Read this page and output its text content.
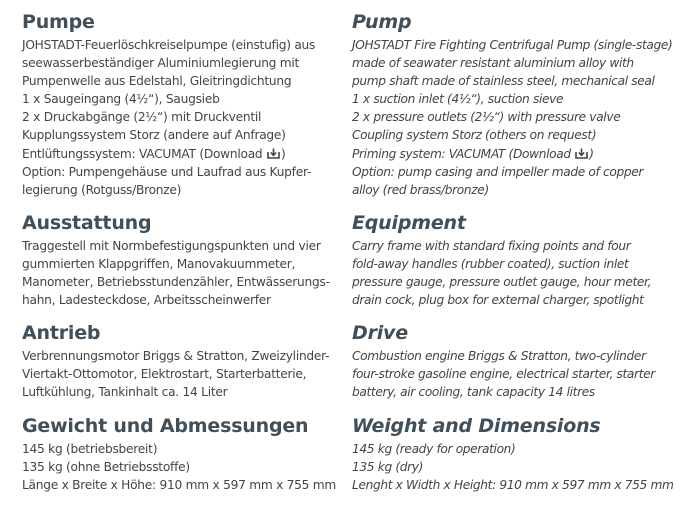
Pumpe
JOHSTADT-Feuerlöschkreiselpumpe (einstufig) aus
seewasserbeständiger Aluminiumlegierung mit
Pumpenwelle aus Edelstahl, Gleitringdichtung
1 x Saugeingang (4½“), Saugsieb
2 x Druckabgänge (2½“) mit Druckventil
Kupplungssystem Storz (andere auf Anfrage)
Entlüftungssystem: VACUMAT (Download )
Option: Pumpengehäuse und Laufrad aus Kupfer-
legierung (Rotguss/Bronze)
Ausstattung
Traggestell mit Normbefestigungspunkten und vier
gummierten Klappgriffen, Manovakuummeter,
Manometer, Betriebsstundenzähler, Entwässerungs-
hahn, Ladesteckdose, Arbeitsscheinwerfer
Antrieb
Verbrennungsmotor Briggs & Stratton, Zweizylinder-
Viertakt-Ottomotor, Elektrostart, Starterbatterie,
Luftkühlung, Tankinhalt ca. 14 Liter
Gewicht und Abmessungen
145 kg (betriebsbereit)
135 kg (ohne Betriebsstoffe)
Länge x Breite x Höhe: 910 mm x 597 mm x 755 mm
Pump
JOHSTADT Fire Fighting Centrifugal Pump (single-stage)
made of seawater resistant aluminium alloy with
pump shaft made of stainless steel, mechanical seal
1 x suction inlet (4½“), suction sieve
2 x pressure outlets (2½“) with pressure valve
Coupling system Storz (others on request)
Priming system: VACUMAT (Download )
Option: pump casing and impeller made of copper
alloy (red brass/bronze)
Equipment
Carry frame with standard fixing points and four
fold-away handles (rubber coated), suction inlet
pressure gauge, pressure outlet gauge, hour meter,
drain cock, plug box for external charger, spotlight
Drive
Combustion engine Briggs & Stratton, two-cylinder
four-stroke gasoline engine, electrical starter, starter
battery, air cooling, tank capacity 14 litres
Weight and Dimensions
145 kg (ready for operation)
135 kg (dry)
Lenght x Width x Height: 910 mm x 597 mm x 755 mm
